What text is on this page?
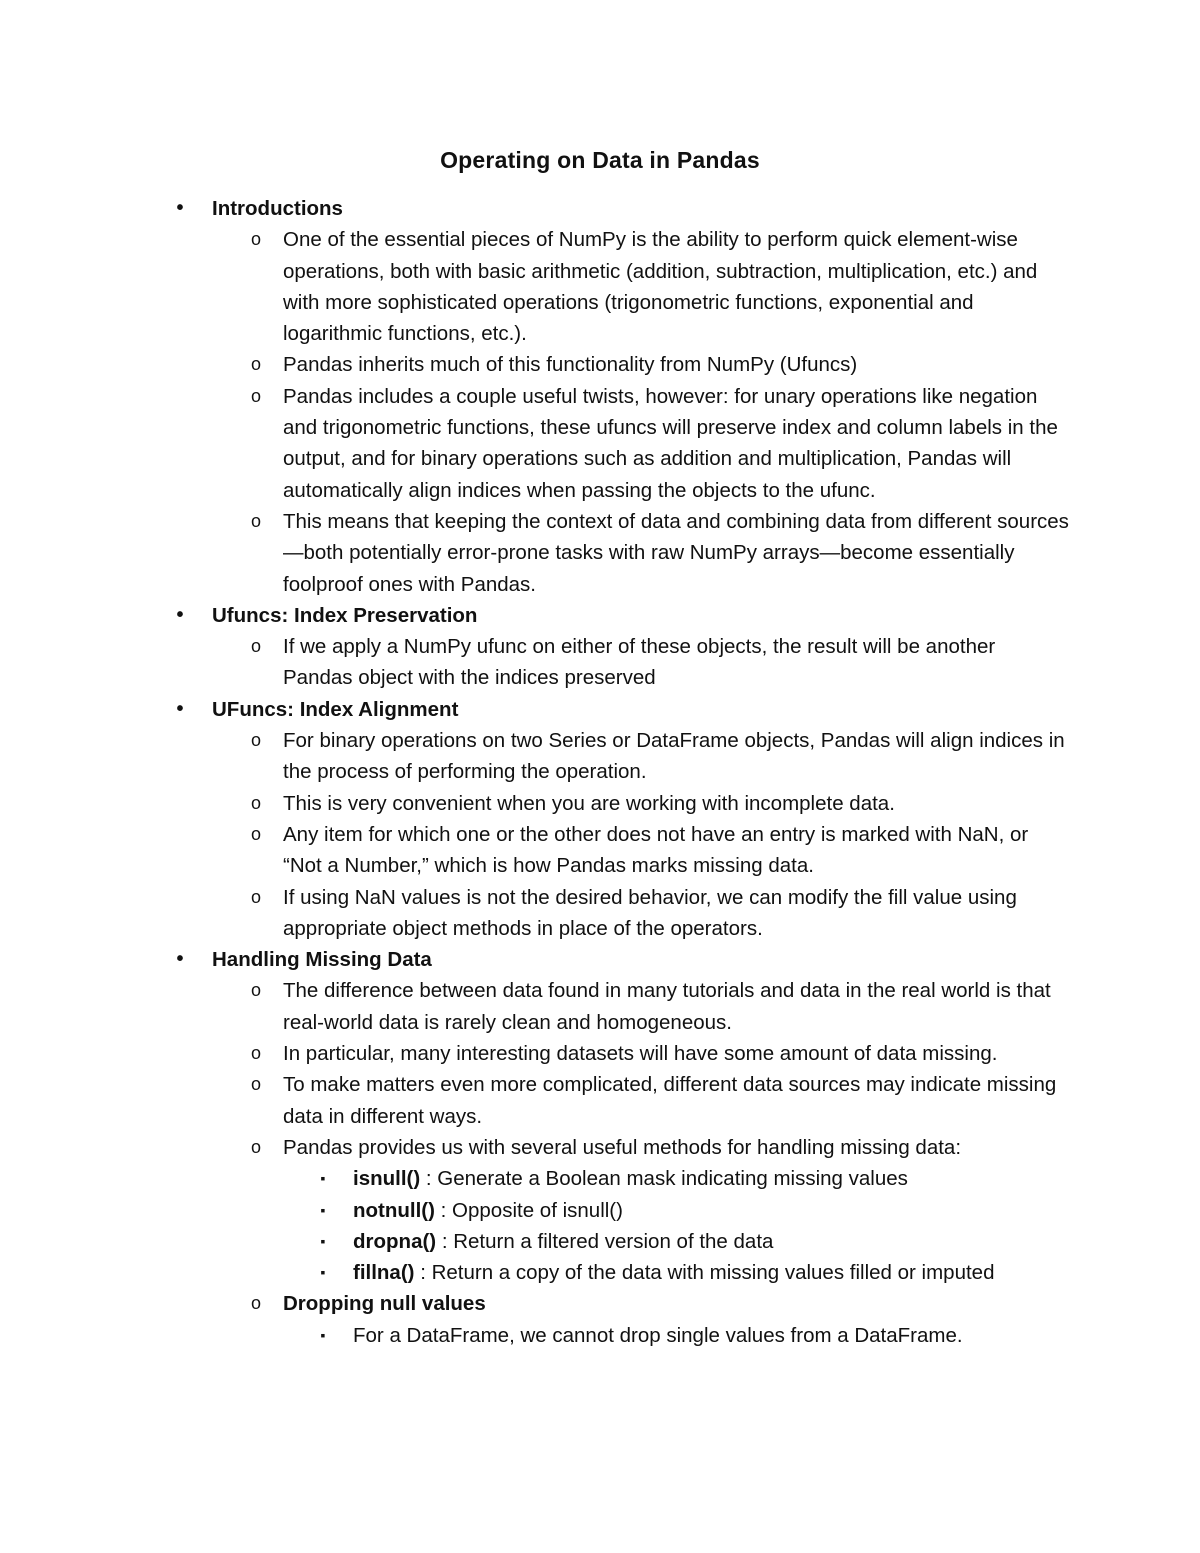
Operating on Data in Pandas
• Introductions
o One of the essential pieces of NumPy is the ability to perform quick element-wise operations, both with basic arithmetic (addition, subtraction, multiplication, etc.) and with more sophisticated operations (trigonometric functions, exponential and logarithmic functions, etc.).
o Pandas inherits much of this functionality from NumPy (Ufuncs)
o Pandas includes a couple useful twists, however: for unary operations like negation and trigonometric functions, these ufuncs will preserve index and column labels in the output, and for binary operations such as addition and multiplication, Pandas will automatically align indices when passing the objects to the ufunc.
o This means that keeping the context of data and combining data from different sources—both potentially error-prone tasks with raw NumPy arrays—become essentially foolproof ones with Pandas.
• Ufuncs: Index Preservation
o If we apply a NumPy ufunc on either of these objects, the result will be another Pandas object with the indices preserved
• UFuncs: Index Alignment
o For binary operations on two Series or DataFrame objects, Pandas will align indices in the process of performing the operation.
o This is very convenient when you are working with incomplete data.
o Any item for which one or the other does not have an entry is marked with NaN, or “Not a Number,” which is how Pandas marks missing data.
o If using NaN values is not the desired behavior, we can modify the fill value using appropriate object methods in place of the operators.
• Handling Missing Data
o The difference between data found in many tutorials and data in the real world is that real-world data is rarely clean and homogeneous.
o In particular, many interesting datasets will have some amount of data missing.
o To make matters even more complicated, different data sources may indicate missing data in different ways.
o Pandas provides us with several useful methods for handling missing data:
▪ isnull() : Generate a Boolean mask indicating missing values
▪ notnull() : Opposite of isnull()
▪ dropna() : Return a filtered version of the data
▪ fillna() : Return a copy of the data with missing values filled or imputed
o Dropping null values
▪ For a DataFrame, we cannot drop single values from a DataFrame.
